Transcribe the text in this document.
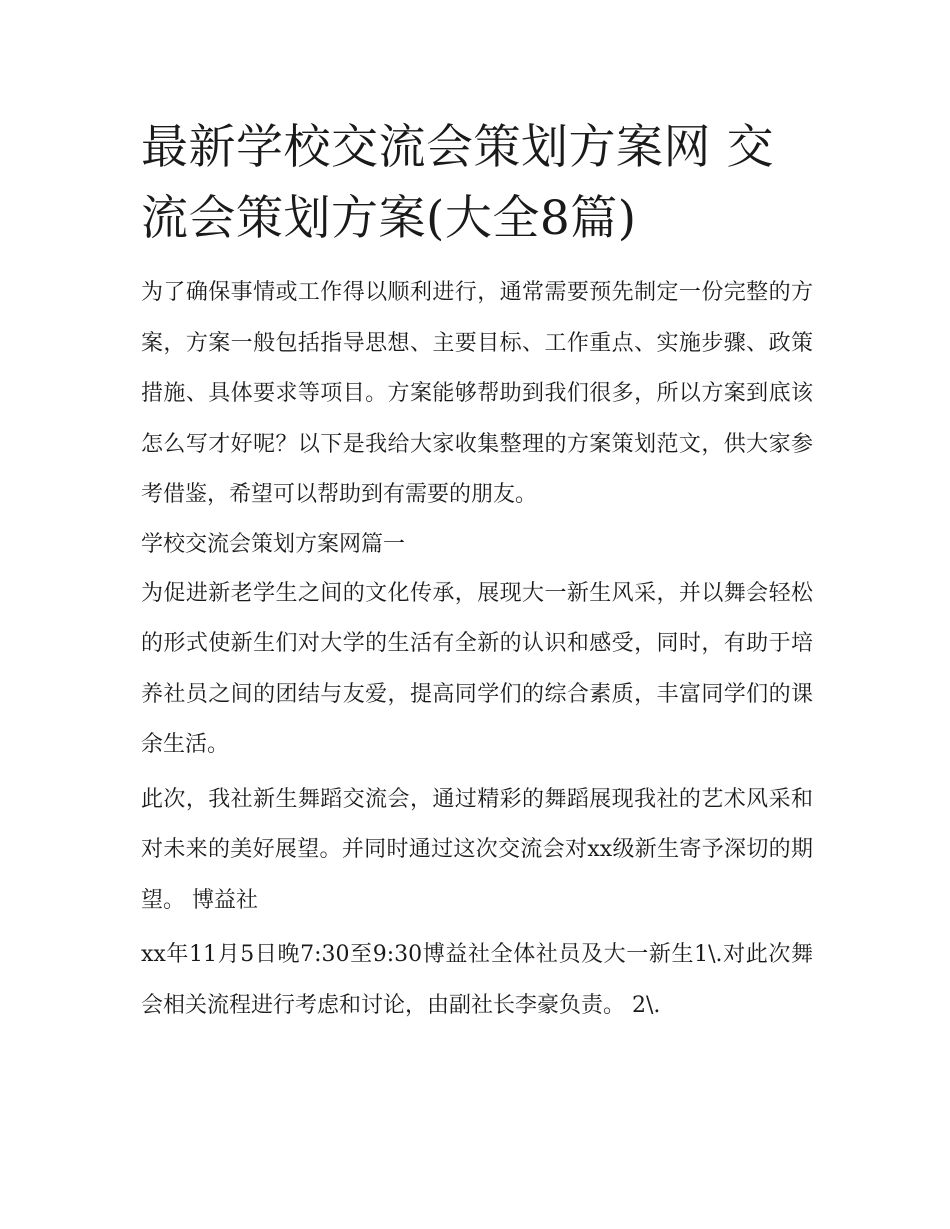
最新学校交流会策划方案网 交流会策划方案(大全8篇)

为了确保事情或工作得以顺利进行，通常需要预先制定一份完整的方案，方案一般包括指导思想、主要目标、工作重点、实施步骤、政策措施、具体要求等项目。方案能够帮助到我们很多，所以方案到底该怎么写才好呢？以下是我给大家收集整理的方案策划范文，供大家参考借鉴，希望可以帮助到有需要的朋友。

学校交流会策划方案网篇一

为促进新老学生之间的文化传承，展现大一新生风采，并以舞会轻松的形式使新生们对大学的生活有全新的认识和感受，同时，有助于培养社员之间的团结与友爱，提高同学们的综合素质，丰富同学们的课余生活。

此次，我社新生舞蹈交流会，通过精彩的舞蹈展现我社的艺术风采和对未来的美好展望。并同时通过这次交流会对xx级新生寄予深切的期望。 博益社

xx年11月5日晚7:30至9:30博益社全体社员及大一新生1\.对此次舞会相关流程进行考虑和讨论，由副社长李豪负责。 2\.
